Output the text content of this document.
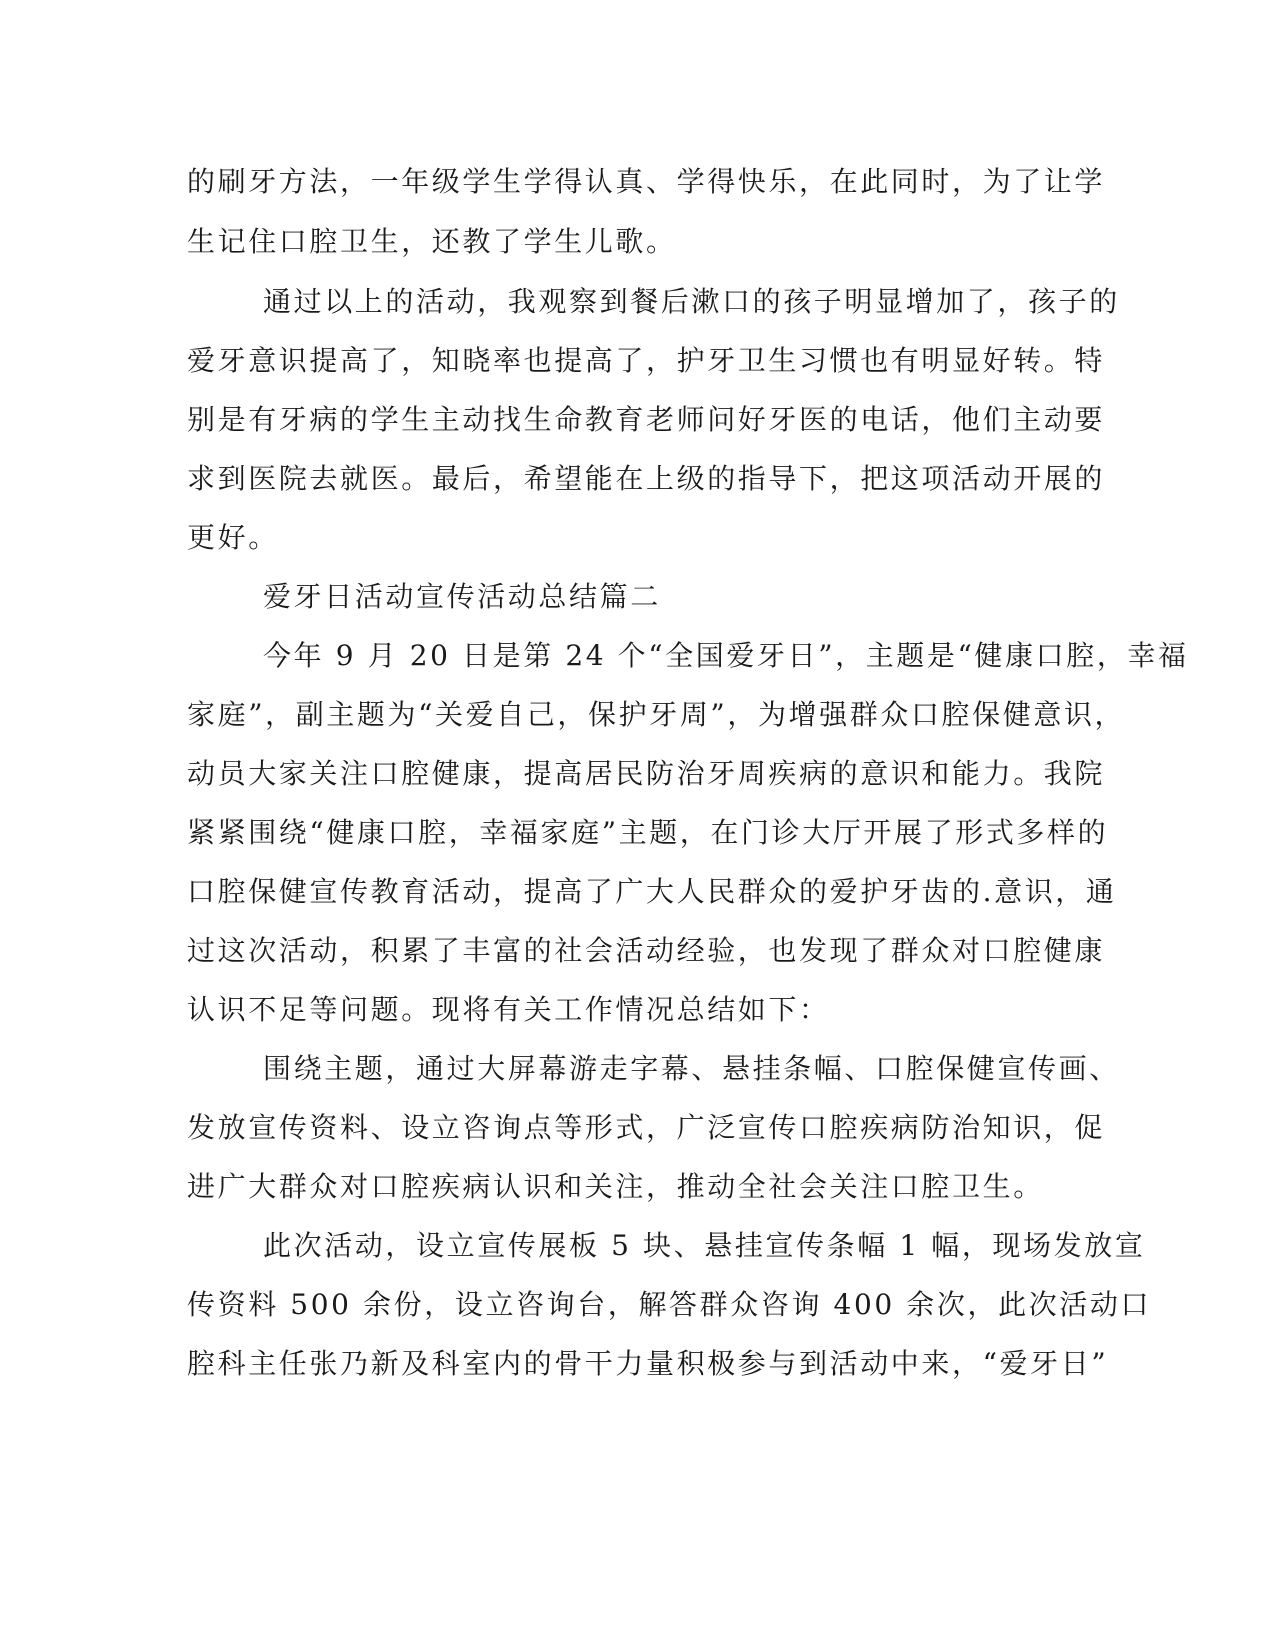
的刷牙方法，一年级学生学得认真、学得快乐，在此同时，为了让学
生记住口腔卫生，还教了学生儿歌。
通过以上的活动，我观察到餐后漱口的孩子明显增加了，孩子的
爱牙意识提高了，知晓率也提高了，护牙卫生习惯也有明显好转。特
别是有牙病的学生主动找生命教育老师问好牙医的电话，他们主动要
求到医院去就医。最后，希望能在上级的指导下，把这项活动开展的
更好。
爱牙日活动宣传活动总结篇二
今年 9 月 20 日是第 24 个“全国爱牙日”，主题是“健康口腔，幸福
家庭”，副主题为“关爱自己，保护牙周”，为增强群众口腔保健意识，
动员大家关注口腔健康，提高居民防治牙周疾病的意识和能力。我院
紧紧围绕“健康口腔，幸福家庭”主题，在门诊大厅开展了形式多样的
口腔保健宣传教育活动，提高了广大人民群众的爱护牙齿的.意识，通
过这次活动，积累了丰富的社会活动经验，也发现了群众对口腔健康
认识不足等问题。现将有关工作情况总结如下：
围绕主题，通过大屏幕游走字幕、悬挂条幅、口腔保健宣传画、
发放宣传资料、设立咨询点等形式，广泛宣传口腔疾病防治知识，促
进广大群众对口腔疾病认识和关注，推动全社会关注口腔卫生。
此次活动，设立宣传展板 5 块、悬挂宣传条幅 1 幅，现场发放宣
传资料 500 余份，设立咨询台，解答群众咨询 400 余次，此次活动口
腔科主任张乃新及科室内的骨干力量积极参与到活动中来，“爱牙日”
